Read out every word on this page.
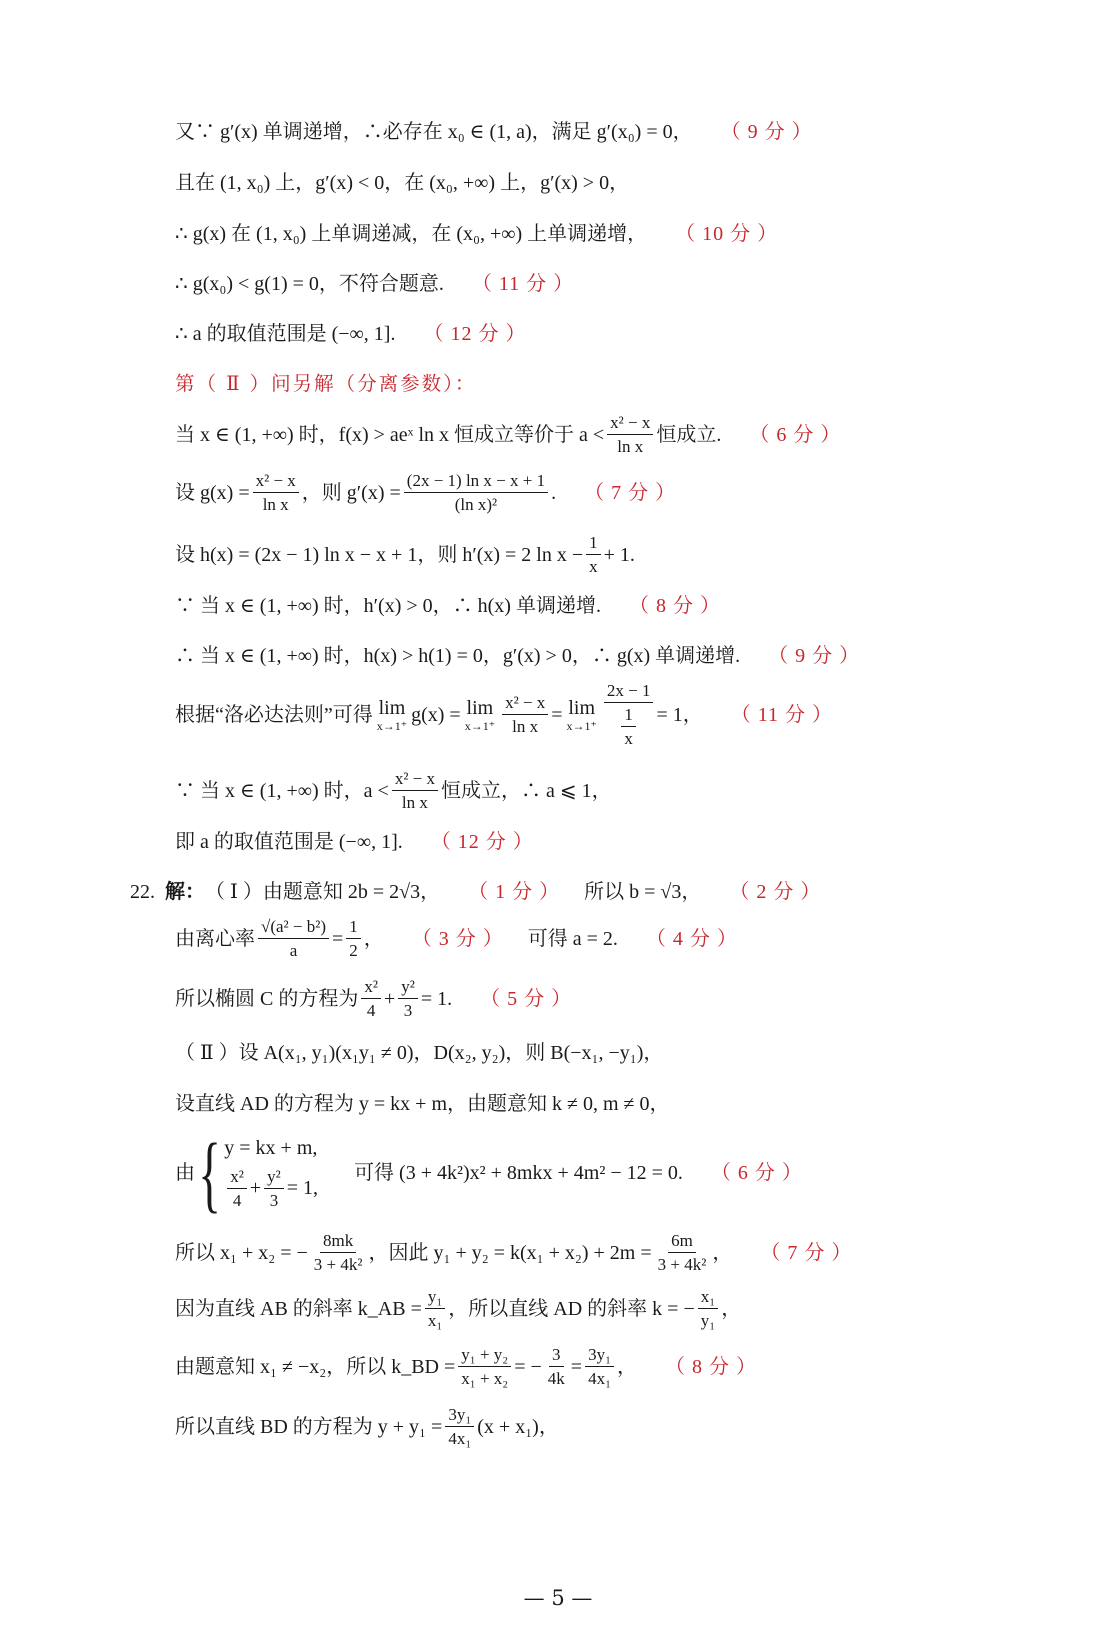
又∵ g′(x) 单调递增，∴必存在 x₀ ∈ (1, a)，满足 g′(x₀) = 0， （ 9 分 ）
且在 (1, x₀) 上，g′(x) < 0，在 (x₀, +∞) 上，g′(x) > 0，
∴ g(x) 在 (1, x₀) 上单调递减，在 (x₀, +∞) 上单调递增， （ 10 分 ）
∴ g(x₀) < g(1) = 0，不符合题意. （ 11 分 ）
∴ a 的取值范围是 (−∞, 1]. （ 12 分 ）
第（ Ⅱ ）问另解（分离参数）：
当 x ∈ (1, +∞) 时，f(x) > aeˣ ln x 恒成立等价于 $a < \frac{\text{x² − x}}{\text{ln x}}$ 恒成立. （ 6 分 ）
设 $g(x) = \frac{\text{x² − x}}{\text{ln x}}$ ，则 $g'(x) = \frac{\text{(2x − 1) ln x − x + 1}}{\text{(ln x)²}}$ . （ 7 分 ）
设 h(x) = (2x − 1) ln x − x + 1，则 h′(x) = 2 $\ln x - \frac{1}{x} + 1$.
∵ 当 x ∈ (1, +∞) 时，h′(x) > 0，∴ h(x) 单调递增. （ 8 分 ）
∴ 当 x ∈ (1, +∞) 时，h(x) > h(1) = 0，g′(x) > 0，∴ g(x) 单调递增. （ 9 分 ）
根据“洛必达法则”可得 lim
x→1⁺ g(x) = lim
$x\to 1^+ \frac{\text{x² − x}}{\text{ln x}} = \lim$
$x\to 1^+ \frac{2x - 1}{\frac{1}{x}} = 1$， （ 11 分 ）
∵ 当 x ∈ (1, +∞) 时，$a < \frac{\text{x² − x}}{\text{ln x}}$ 恒成立，∴ a ⩽ 1，
即 a 的取值范围是 (−∞, 1]. （ 12 分 ）
22. 解： （ Ⅰ ）由题意知 2b = 2√3， （ 1 分 ） 所以 b = √3， （ 2 分 ）
由离心率 $\frac{\text{√(a² − b²)}}{a} = \frac{1}{2}$ ， （ 3 分 ） 可得 a = 2. （ 4 分 ）
所以椭圆 C 的方程为 $\frac{\text{x²}}{4} + \frac{\text{y²}}{3} = 1$. （ 5 分 ）
（ Ⅱ ）设 A(x₁, y₁)(x₁y₁ ≠ 0)，D(x₂, y₂)，则 B(−x₁, −y₁)，
设直线 AD 的方程为 y = kx + m，由题意知 k ≠ 0, m ≠ 0，
由 { y = kx + m,
$\frac{\text{x²}}{4} + \frac{\text{y²}}{3} = 1$,
可得 (3 + 4k²)x² + 8mkx + 4m² − 12 = 0. （ 6 分 ）
所以 x₁ + x₂ = − $\frac{8mk}{\text{3 + 4k²}}$ ，因此 $y_1 + y_2 = k(x_1 + x_2) + 2m = \frac{6m}{\text{3 + 4k²}}$ ， （ 7 分 ）
因为直线 AB 的斜率 k_AB = $\frac{\text{y₁}}{\text{x₁}}$ ，所以直线 AD 的斜率 k = − $\frac{\text{x₁}}{\text{y₁}}$ ，
由题意知 x₁ ≠ −x₂，所以 k_BD = $\frac{\text{y₁ + y₂}}{\text{x₁ + x₂}}$ = − $\frac{3}{4k} = \frac{\text{3y₁}}{\text{4x₁}}$ ， （ 8 分 ）
所以直线 BD 的方程为 $y + y_1 = \frac{\text{3y₁}}{\text{4x₁}} (x + x_1)$，
— 5 —
